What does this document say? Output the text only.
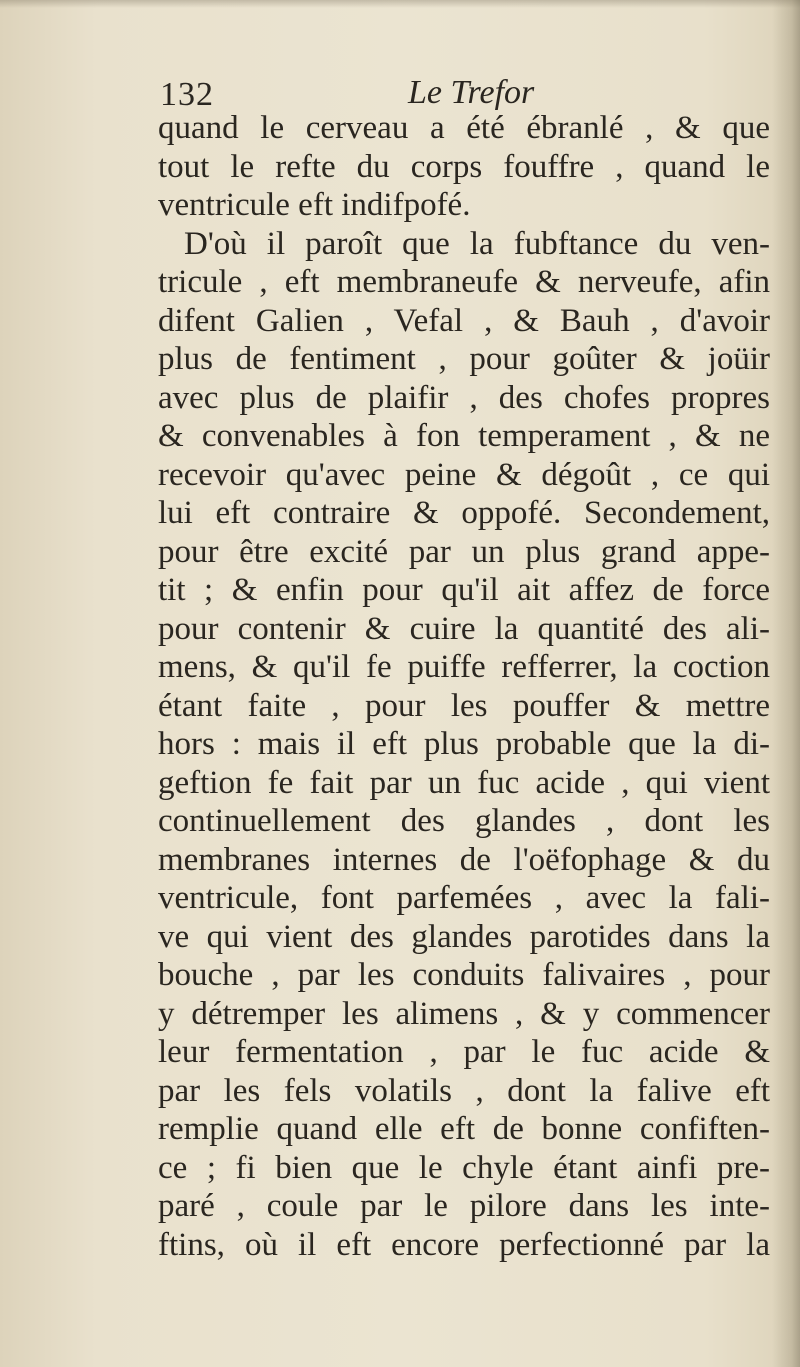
132	Le Trefor
quand le cerveau a été ébranlé , & que
tout le refte du corps fouffre , quand le
ventricule eft indifpofé.
D'où il paroît que la fubftance du ven-
tricule , eft membraneufe & nerveufe, afin
difent Galien , Vefal , & Bauh , d'avoir
plus de fentiment , pour goûter & joüir
avec plus de plaifir , des chofes propres
& convenables à fon temperament , & ne
recevoir qu'avec peine & dégoût , ce qui
lui eft contraire & oppofé. Secondement,
pour être excité par un plus grand appe-
tit ; & enfin pour qu'il ait affez de force
pour contenir & cuire la quantité des ali-
mens, & qu'il fe puiffe refferrer, la coction
étant faite , pour les pouffer & mettre
hors : mais il eft plus probable que la di-
geftion fe fait par un fuc acide , qui vient
continuellement des glandes , dont les
membranes internes de l'oëfophage & du
ventricule, font parfemées , avec la fali-
ve qui vient des glandes parotides dans la
bouche , par les conduits falivaires , pour
y détremper les alimens , & y commencer
leur fermentation , par le fuc acide &
par les fels volatils , dont la falive eft
remplie quand elle eft de bonne confiften-
ce ; fi bien que le chyle étant ainfi pre-
paré , coule par le pilore dans les inte-
ftins, où il eft encore perfectionné par la
